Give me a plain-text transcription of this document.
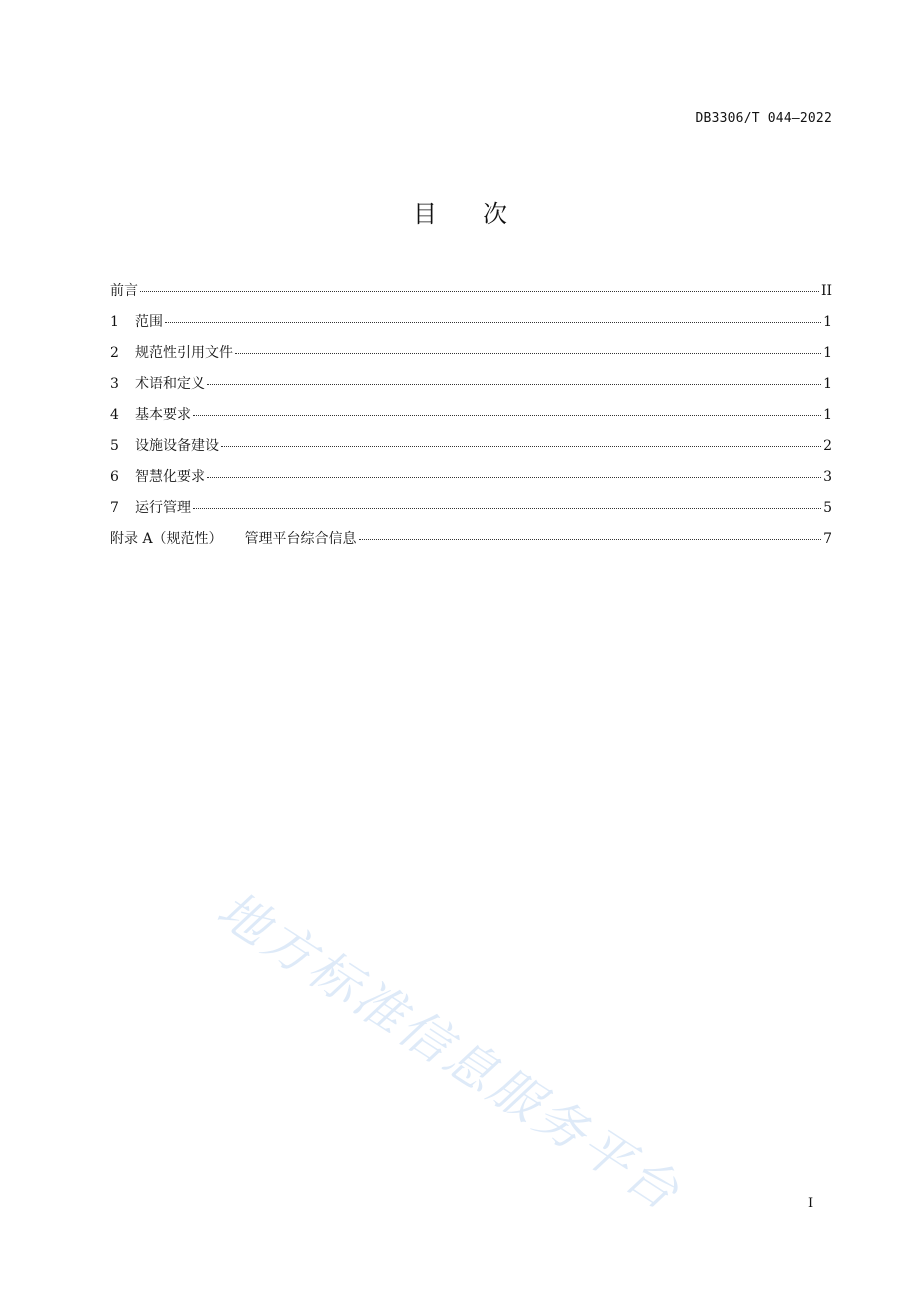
DB3306/T 044—2022
目 次
前言	II
1	范围	1
2	规范性引用文件	1
3	术语和定义	1
4	基本要求	1
5	设施设备建设	2
6	智慧化要求	3
7	运行管理	5
附录 A（规范性） 管理平台综合信息	7
地方标准信息服务平台	I
